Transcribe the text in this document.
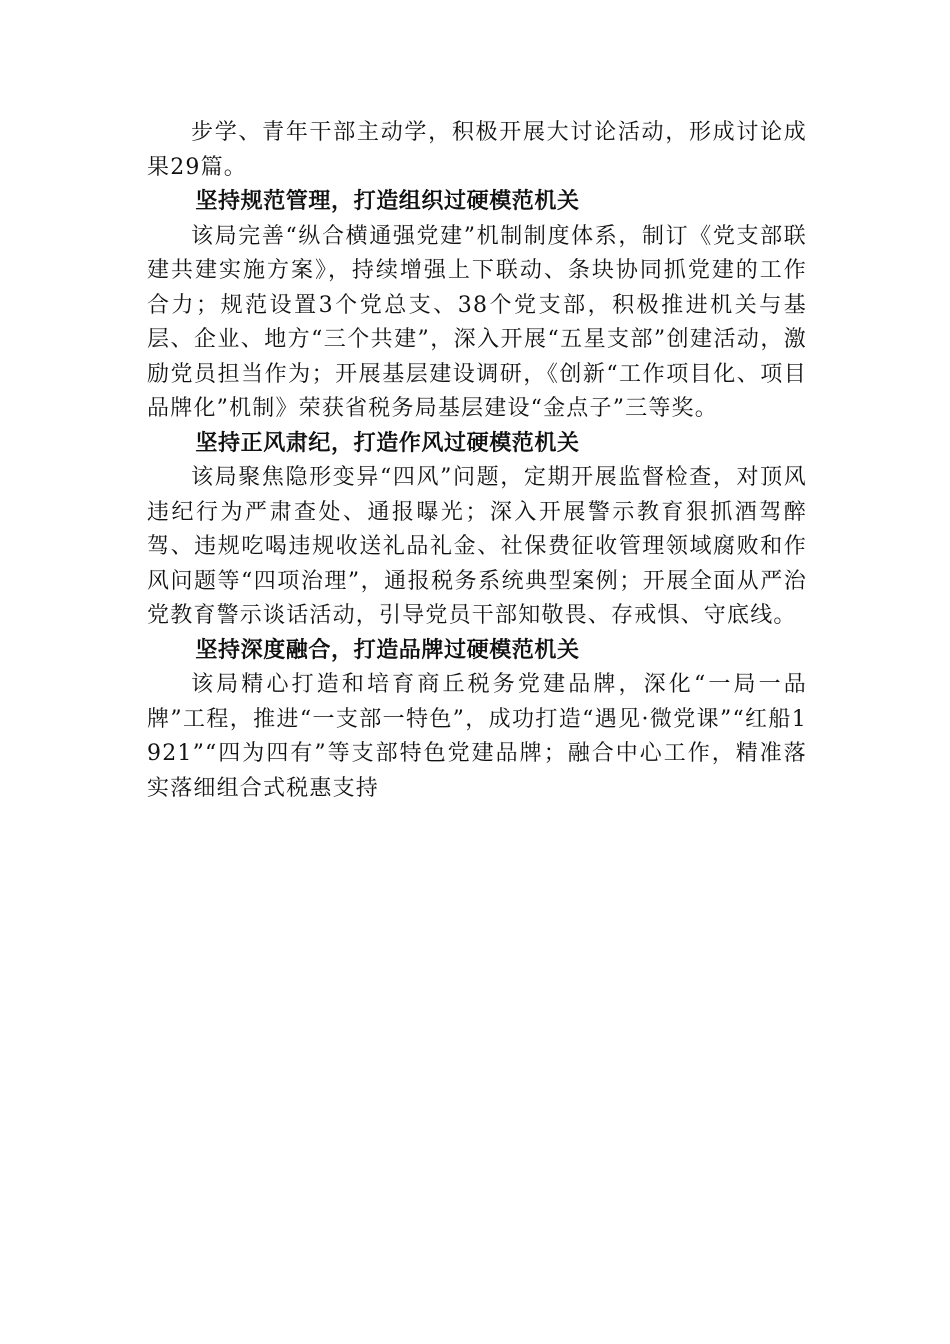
步学、青年干部主动学，积极开展大讨论活动，形成讨论成果29篇。

坚持规范管理，打造组织过硬模范机关

该局完善“纵合横通强党建”机制制度体系，制订《党支部联建共建实施方案》，持续增强上下联动、条块协同抓党建的工作合力；规范设置3个党总支、38个党支部，积极推进机关与基层、企业、地方“三个共建”，深入开展“五星支部”创建活动，激励党员担当作为；开展基层建设调研，《创新“工作项目化、项目品牌化”机制》荣获省税务局基层建设“金点子”三等奖。

坚持正风肃纪，打造作风过硬模范机关

该局聚焦隐形变异“四风”问题，定期开展监督检查，对顶风违纪行为严肃查处、通报曝光；深入开展警示教育狠抓酒驾醉驾、违规吃喝违规收送礼品礼金、社保费征收管理领域腐败和作风问题等“四项治理”，通报税务系统典型案例；开展全面从严治党教育警示谈话活动，引导党员干部知敬畏、存戒惧、守底线。

坚持深度融合，打造品牌过硬模范机关

该局精心打造和培育商丘税务党建品牌，深化“一局一品牌”工程，推进“一支部一特色”，成功打造“遇见·微党课”“红船1921”“四为四有”等支部特色党建品牌；融合中心工作，精准落实落细组合式税惠支持
